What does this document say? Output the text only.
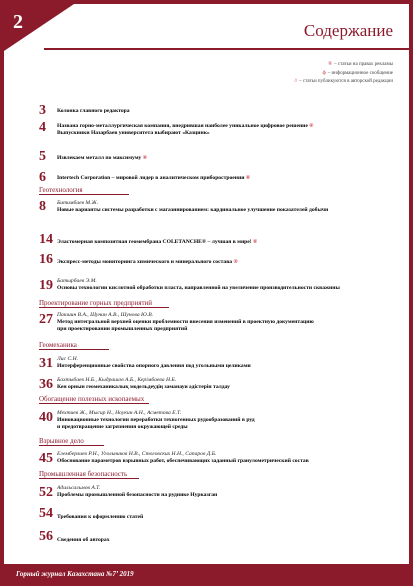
2	Содержание
® – статьи на правах рекламы
ф – информационное сообщение
// – статьи публикуются в авторской редакции
3	Колонка главного редактора
4	Названа горно-металлургическая компания, внедрившая наиболее уникальное цифровое решение ®
Выпускники Назарбаев университета выбирают «Казцинк»
5	Извлекаем металл по максимуму ®
6	Intertech Corporation – мировой лидер в аналитическом приборостроении ®
Геотехнология
8	Битимбаев М.Ж.
Новые варианты системы разработки с магазинированием: кардинальное улучшение показателей добычи
14 Эластомерная композитная геомембрана COLETANCHE® – лучшая в мире! ®
16 Экспресс-методы мониторинга химического и минерального состава ®
19 Батырбаев Э.М.
Основы технологии кислотной обработки пласта, направленной на увеличение производительности скважины
Проектирование горных предприятий
27 Пакшин В.А., Шунин А.В., Шунова Ю.В.
Метод интегральной верхней оценки проблемности внесения изменений в проектную документацию
при проектировании промышленных предприятий
Геомеханика
31 Лис С.Н.
Интерференционные свойства опорного давления под угольными целиками
36 Бахтыбаев Н.Б., Кыдрашов А.Б., Керімбаева Н.Б.
Кен орнын геомеханикалық модельдеудің заманауи әдістерін талдау
Обогащение полезных ископаемых
40 Мехтиев Ж., Мысир Н., Ноукин А.Н., Асметова Е.Т.
Инновационные технологии переработки техногенных рудообразований в руд
и предотвращение загрязнения окружающей среды
Взрывное дело
45 Елемберлиев Р.Н., Угольников Н.В., Стоговских Н.Н., Сапаров Д.Б.
Обоснование параметров взрывных работ, обеспечивающих заданный гранулометрический состав
Промышленная безопасность
52 Адильсальмов А.Т.
Проблемы промышленной безопасности на руднике Нурказган
54 Требования к оформлению статей
56 Сведения об авторах
Горный журнал Казахстана №7’ 2019
